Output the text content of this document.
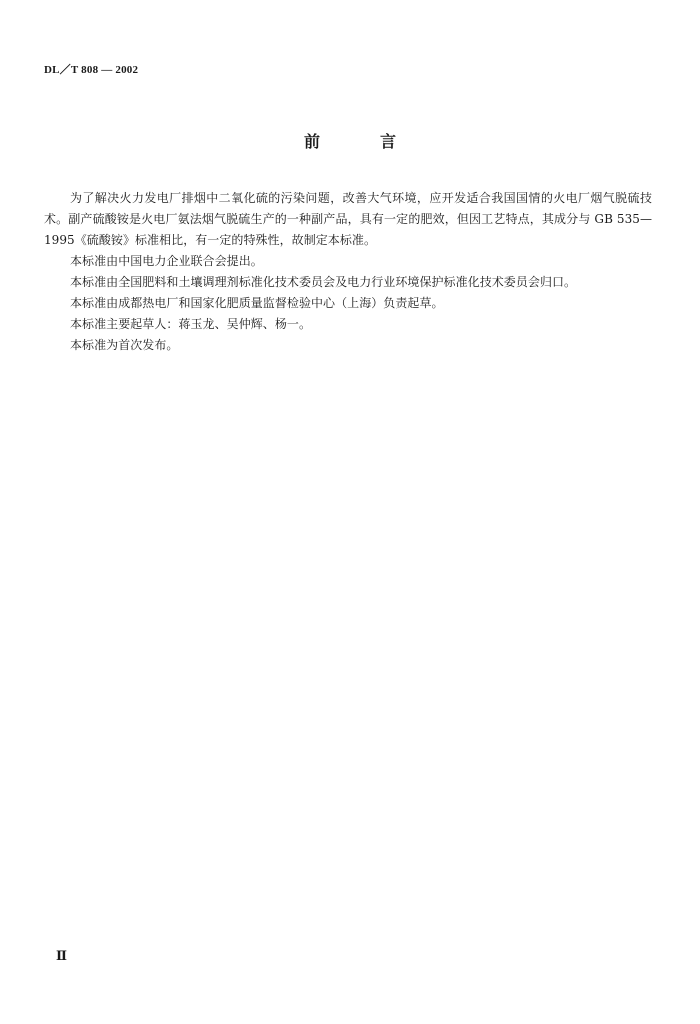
DL／T 808 — 2002
前	言

为了解决火力发电厂排烟中二氧化硫的污染问题，改善大气环境，应开发适合我国国情的火电厂烟气脱硫技术。副产硫酸铵是火电厂氨法烟气脱硫生产的一种副产品，具有一定的肥效，但因工艺特点，其成分与 GB 535—1995《硫酸铵》标准相比，有一定的特殊性，故制定本标准。

本标准由中国电力企业联合会提出。

本标准由全国肥料和土壤调理剂标准化技术委员会及电力行业环境保护标准化技术委员会归口。

本标准由成都热电厂和国家化肥质量监督检验中心（上海）负责起草。

本标准主要起草人：蒋玉龙、吴仲辉、杨一。

本标准为首次发布。

Ⅱ
